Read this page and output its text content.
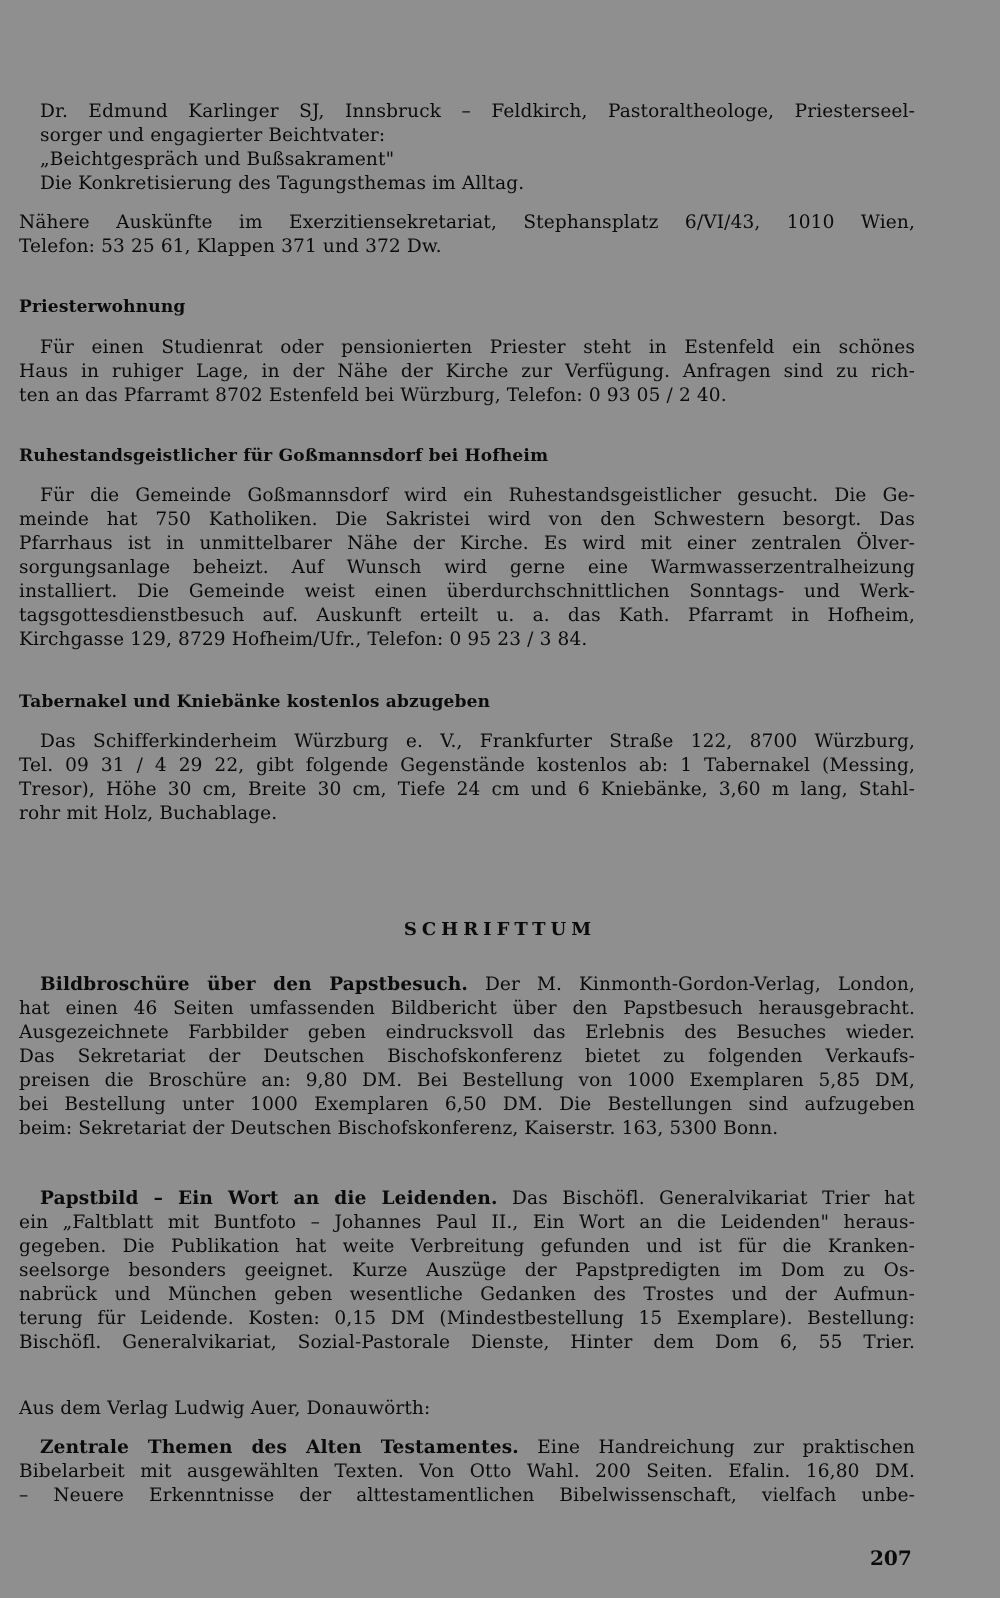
Dr. Edmund Karlinger SJ, Innsbruck – Feldkirch, Pastoraltheologe, Priesterseel-
sorger und engagierter Beichtvater:
„Beichtgespräch und Bußsakrament"
Die Konkretisierung des Tagungsthemas im Alltag.
Nähere Auskünfte im Exerzitiensekretariat, Stephansplatz 6/VI/43, 1010 Wien,
Telefon: 53 25 61, Klappen 371 und 372 Dw.
Priesterwohnung
Für einen Studienrat oder pensionierten Priester steht in Estenfeld ein schönes
Haus in ruhiger Lage, in der Nähe der Kirche zur Verfügung. Anfragen sind zu rich-
ten an das Pfarramt 8702 Estenfeld bei Würzburg, Telefon: 0 93 05 / 2 40.
Ruhestandsgeistlicher für Goßmannsdorf bei Hofheim
Für die Gemeinde Goßmannsdorf wird ein Ruhestandsgeistlicher gesucht. Die Ge-
meinde hat 750 Katholiken. Die Sakristei wird von den Schwestern besorgt. Das
Pfarrhaus ist in unmittelbarer Nähe der Kirche. Es wird mit einer zentralen Ölver-
sorgungsanlage beheizt. Auf Wunsch wird gerne eine Warmwasserzentralheizung
installiert. Die Gemeinde weist einen überdurchschnittlichen Sonntags- und Werk-
tagsgottesdienstbesuch auf. Auskunft erteilt u. a. das Kath. Pfarramt in Hofheim,
Kirchgasse 129, 8729 Hofheim/Ufr., Telefon: 0 95 23 / 3 84.
Tabernakel und Kniebänke kostenlos abzugeben
Das Schifferkinderheim Würzburg e. V., Frankfurter Straße 122, 8700 Würzburg,
Tel. 09 31 / 4 29 22, gibt folgende Gegenstände kostenlos ab: 1 Tabernakel (Messing,
Tresor), Höhe 30 cm, Breite 30 cm, Tiefe 24 cm und 6 Kniebänke, 3,60 m lang, Stahl-
rohr mit Holz, Buchablage.
SCHRIFTTUM
Bildbroschüre über den Papstbesuch. Der M. Kinmonth-Gordon-Verlag, London,
hat einen 46 Seiten umfassenden Bildbericht über den Papstbesuch herausgebracht.
Ausgezeichnete Farbbilder geben eindrucksvoll das Erlebnis des Besuches wieder.
Das Sekretariat der Deutschen Bischofskonferenz bietet zu folgenden Verkaufs-
preisen die Broschüre an: 9,80 DM. Bei Bestellung von 1000 Exemplaren 5,85 DM,
bei Bestellung unter 1000 Exemplaren 6,50 DM. Die Bestellungen sind aufzugeben
beim: Sekretariat der Deutschen Bischofskonferenz, Kaiserstr. 163, 5300 Bonn.
Papstbild – Ein Wort an die Leidenden. Das Bischöfl. Generalvikariat Trier hat
ein „Faltblatt mit Buntfoto – Johannes Paul II., Ein Wort an die Leidenden" heraus-
gegeben. Die Publikation hat weite Verbreitung gefunden und ist für die Kranken-
seelsorge besonders geeignet. Kurze Auszüge der Papstpredigten im Dom zu Os-
nabrück und München geben wesentliche Gedanken des Trostes und der Aufmun-
terung für Leidende. Kosten: 0,15 DM (Mindestbestellung 15 Exemplare). Bestellung:
Bischöfl. Generalvikariat, Sozial-Pastorale Dienste, Hinter dem Dom 6, 55 Trier.
Aus dem Verlag Ludwig Auer, Donauwörth:
Zentrale Themen des Alten Testamentes. Eine Handreichung zur praktischen
Bibelarbeit mit ausgewählten Texten. Von Otto Wahl. 200 Seiten. Efalin. 16,80 DM.
– Neuere Erkenntnisse der alttestamentlichen Bibelwissenschaft, vielfach unbe-
207
